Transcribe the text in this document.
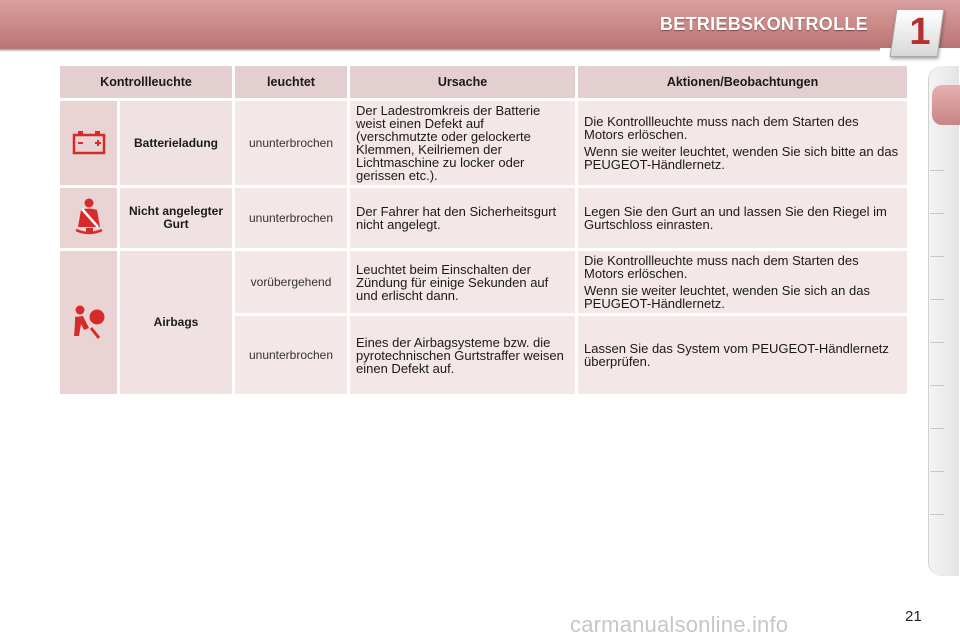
BETRIEBSKONTROLLE 1
Kontrollleuchte		leuchtet	Ursache	Aktionen/Beobachtungen
	Batterieladung	ununterbrochen	Der Ladestromkreis der Batterie weist einen Defekt auf (verschmutzte oder gelockerte Klemmen, Keilriemen der Lichtmaschine zu locker oder gerissen etc.).	Die Kontrollleuchte muss nach dem Starten des Motors erlöschen.

Wenn sie weiter leuchtet, wenden Sie sich bitte an das PEUGEOT-Händlernetz.

	Nicht angelegter Gurt	ununterbrochen	Der Fahrer hat den Sicherheitsgurt nicht angelegt.	Legen Sie den Gurt an und lassen Sie den Riegel im Gurtschloss einrasten.

	Airbags	vorübergehend	Leuchtet beim Einschalten der Zündung für einige Sekunden auf und erlischt dann.	Die Kontrollleuchte muss nach dem Starten des Motors erlöschen.

Wenn sie weiter leuchtet, wenden Sie sich an das PEUGEOT-Händlernetz.

		ununterbrochen	Eines der Airbagsysteme bzw. die pyrotechnischen Gurtstraffer weisen einen Defekt auf.	Lassen Sie das System vom PEUGEOT-Händlernetz überprüfen.

21
carmanualsonline.info
